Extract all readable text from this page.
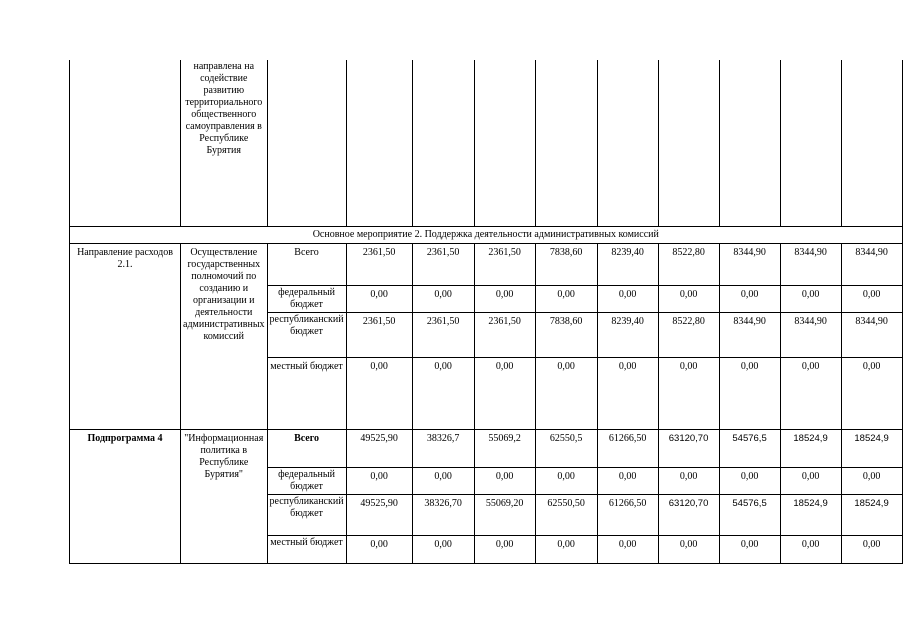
	направлена на содействие развитию территориального общественного самоуправления в Республике Бурятия										
Основное мероприятие 2. Поддержка деятельности административных комиссий											
Направление расходов 2.1.	Осуществление государственных полномочий по созданию и организации и деятельности административных комиссий	Всего	2361,50	2361,50	2361,50	7838,60	8239,40	8522,80	8344,90	8344,90	8344,90
		федеральный бюджет	0,00	0,00	0,00	0,00	0,00	0,00	0,00	0,00	0,00
		республиканский бюджет	2361,50	2361,50	2361,50	7838,60	8239,40	8522,80	8344,90	8344,90	8344,90
		местный бюджет	0,00	0,00	0,00	0,00	0,00	0,00	0,00	0,00	0,00
Подпрограмма 4	"Информационная политика в Республике Бурятия"	Всего	49525,90	38326,7	55069,2	62550,5	61266,50	63120,70	54576,5	18524,9	18524,9
		федеральный бюджет	0,00	0,00	0,00	0,00	0,00	0,00	0,00	0,00	0,00
		республиканский бюджет	49525,90	38326,70	55069,20	62550,50	61266,50	63120,70	54576,5	18524,9	18524,9
		местный бюджет	0,00	0,00	0,00	0,00	0,00	0,00	0,00	0,00	0,00
